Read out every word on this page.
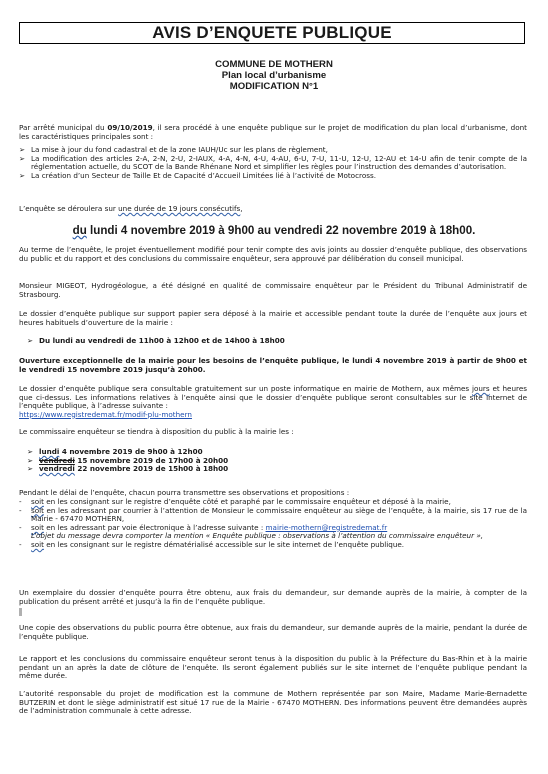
AVIS D’ENQUETE PUBLIQUE
COMMUNE DE MOTHERN
Plan local d’urbanisme
MODIFICATION N°1

Par arrêté municipal du 09/10/2019, il sera procédé à une enquête publique sur le projet de modification du plan local d’urbanisme, dont les caractéristiques principales sont :

➢ La mise à jour du fond cadastral et de la zone IAUH/Uc sur les plans de règlement,
➢ La modification des articles 2-A, 2-N, 2-U, 2-IAUX, 4-A, 4-N, 4-U, 4-AU, 6-U, 7-U, 11-U, 12-U, 12-AU et 14-U afin de tenir compte de la réglementation actuelle, du SCOT de la Bande Rhénane Nord et simplifier les règles pour l’instruction des demandes d’autorisation.
➢ La création d’un Secteur de Taille Et de Capacité d’Accueil Limitées lié à l’activité de Motocross.

L’enquête se déroulera sur une durée de 19 jours consécutifs,

du lundi 4 novembre 2019 à 9h00 au vendredi 22 novembre 2019 à 18h00.

Au terme de l’enquête, le projet éventuellement modifié pour tenir compte des avis joints au dossier d’enquête publique, des observations du public et du rapport et des conclusions du commissaire enquêteur, sera approuvé par délibération du conseil municipal.

Monsieur MIGEOT, Hydrogéologue, a été désigné en qualité de commissaire enquêteur par le Président du Tribunal Administratif de Strasbourg.

Le dossier d’enquête publique sur support papier sera déposé à la mairie et accessible pendant toute la durée de l’enquête aux jours et heures habituels d’ouverture de la mairie :

➢ Du lundi au vendredi de 11h00 à 12h00 et de 14h00 à 18h00

Ouverture exceptionnelle de la mairie pour les besoins de l’enquête publique, le lundi 4 novembre 2019 à partir de 9h00 et le vendredi 15 novembre 2019 jusqu’à 20h00.

Le dossier d’enquête publique sera consultable gratuitement sur un poste informatique en mairie de Mothern, aux mêmes jours et heures que ci-dessus. Les informations relatives à l’enquête ainsi que le dossier d’enquête publique seront consultables sur le site internet de l’enquête publique, à l’adresse suivante :
https://www.registredemat.fr/modif-plu-mothern

Le commissaire enquêteur se tiendra à disposition du public à la mairie les :

➢ lundi 4 novembre 2019 de 9h00 à 12h00
➢ vendredi 15 novembre 2019 de 17h00 à 20h00
➢ vendredi 22 novembre 2019 de 15h00 à 18h00

Pendant le délai de l’enquête, chacun pourra transmettre ses observations et propositions :

- soit en les consignant sur le registre d’enquête côté et paraphé par le commissaire enquêteur et déposé à la mairie,
- soit en les adressant par courrier à l’attention de Monsieur le commissaire enquêteur au siège de l’enquête, à la mairie, sis 17 rue de la Mairie - 67470 MOTHERN,
- soit en les adressant par voie électronique à l’adresse suivante : mairie-mothern@registredemat.fr
L’objet du message devra comporter la mention « Enquête publique : observations à l’attention du commissaire enquêteur »,
- soit en les consignant sur le registre dématérialisé accessible sur le site internet de l’enquête publique.

Un exemplaire du dossier d’enquête pourra être obtenu, aux frais du demandeur, sur demande auprès de la mairie, à compter de la publication du présent arrêté et jusqu’à la fin de l’enquête publique.

Une copie des observations du public pourra être obtenue, aux frais du demandeur, sur demande auprès de la mairie, pendant la durée de l’enquête publique.

Le rapport et les conclusions du commissaire enquêteur seront tenus à la disposition du public à la Préfecture du Bas-Rhin et à la mairie pendant un an après la date de clôture de l’enquête. Ils seront également publiés sur le site internet de l’enquête publique pendant la même durée.

L’autorité responsable du projet de modification est la commune de Mothern représentée par son Maire, Madame Marie-Bernadette BUTZERIN et dont le siège administratif est situé 17 rue de la Mairie - 67470 MOTHERN. Des informations peuvent être demandées auprès de l’administration communale à cette adresse.
